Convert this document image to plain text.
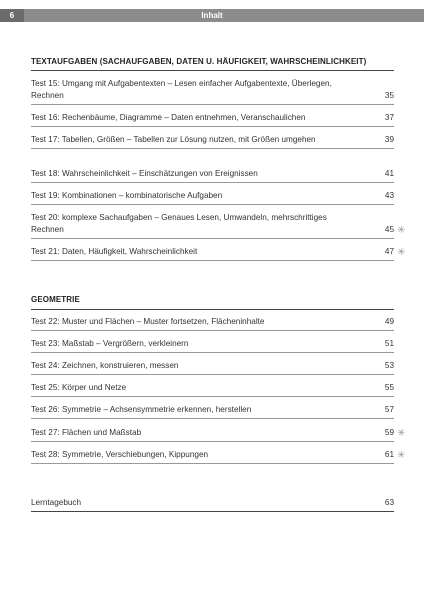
Inhalt
6
TEXTAUFGABEN (SACHAUFGABEN, DATEN U. HÄUFIGKEIT, WAHRSCHEINLICHKEIT)
Test 15: Umgang mit Aufgabentexten – Lesen einfacher Aufgabentexte, Überlegen, Rechnen	35
Test 16: Rechenbäume, Diagramme – Daten entnehmen, Veranschaulichen	37
Test 17: Tabellen, Größen – Tabellen zur Lösung nutzen, mit Größen umgehen	39
Test 18: Wahrscheinlichkeit – Einschätzungen von Ereignissen	41
Test 19: Kombinationen – kombinatorische Aufgaben	43
Test 20: komplexe Sachaufgaben – Genaues Lesen, Umwandeln, mehrschrittiges Rechnen	45 ✳
Test 21: Daten, Häufigkeit, Wahrscheinlichkeit	47 ✳
GEOMETRIE
Test 22: Muster und Flächen – Muster fortsetzen, Flächeninhalte	49
Test 23: Maßstab – Vergrößern, verkleinern	51
Test 24: Zeichnen, konstruieren, messen	53
Test 25: Körper und Netze	55
Test 26: Symmetrie – Achsensymmetrie erkennen, herstellen	57
Test 27: Flächen und Maßstab	59 ✳
Test 28: Symmetrie, Verschiebungen, Kippungen	61 ✳
Lerntagebuch	63
